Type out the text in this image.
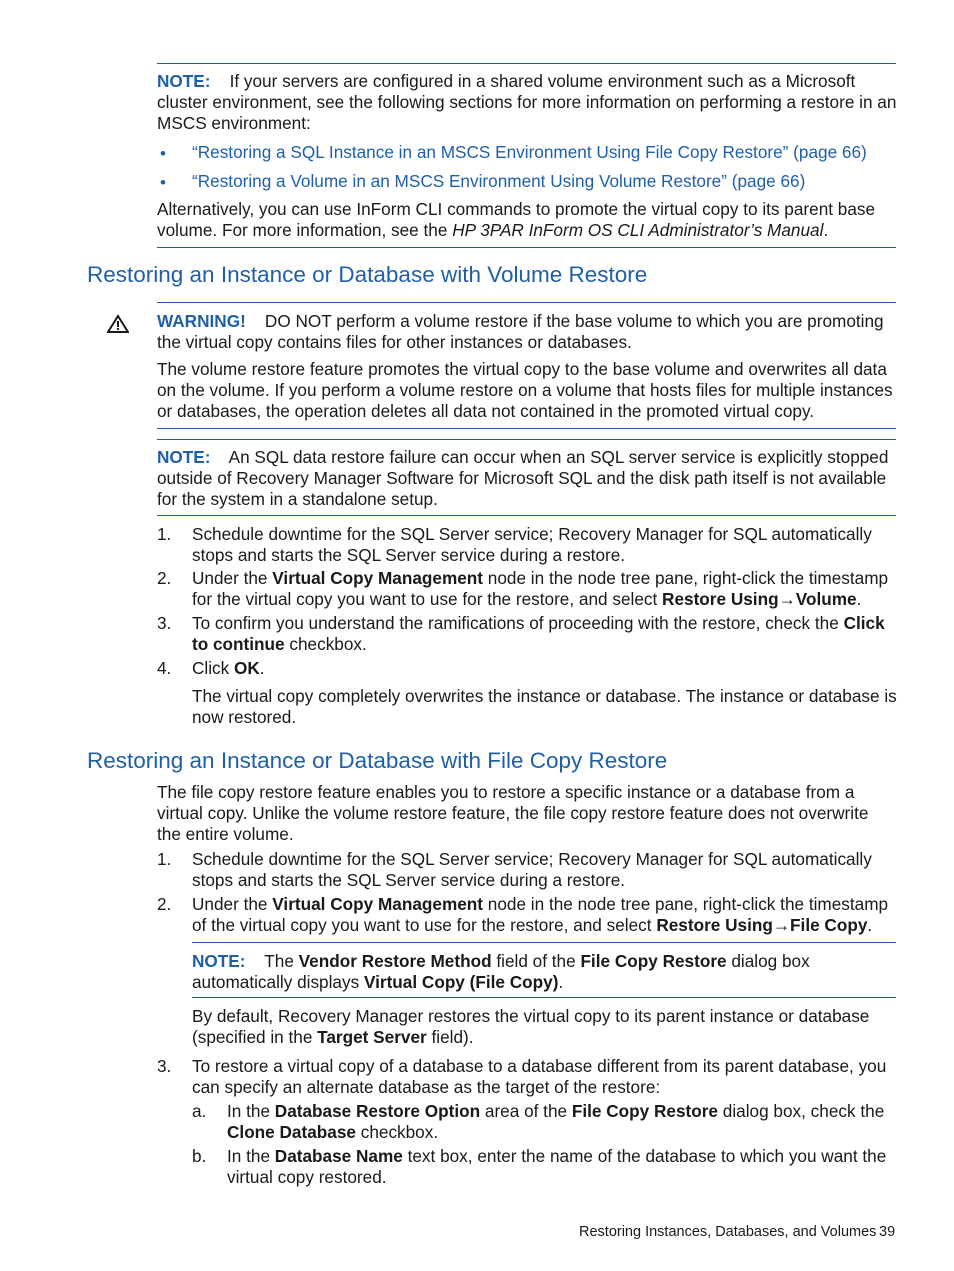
NOTE: If your servers are configured in a shared volume environment such as a Microsoft cluster environment, see the following sections for more information on performing a restore in an MSCS environment:

• “Restoring a SQL Instance in an MSCS Environment Using File Copy Restore” (page 66)

• “Restoring a Volume in an MSCS Environment Using Volume Restore” (page 66)

Alternatively, you can use InForm CLI commands to promote the virtual copy to its parent base volume. For more information, see the HP 3PAR InForm OS CLI Administrator’s Manual.

Restoring an Instance or Database with Volume Restore

WARNING! DO NOT perform a volume restore if the base volume to which you are promoting the virtual copy contains files for other instances or databases.

The volume restore feature promotes the virtual copy to the base volume and overwrites all data on the volume. If you perform a volume restore on a volume that hosts files for multiple instances or databases, the operation deletes all data not contained in the promoted virtual copy.

NOTE: An SQL data restore failure can occur when an SQL server service is explicitly stopped outside of Recovery Manager Software for Microsoft SQL and the disk path itself is not available for the system in a standalone setup.

1. Schedule downtime for the SQL Server service; Recovery Manager for SQL automatically stops and starts the SQL Server service during a restore.

2. Under the Virtual Copy Management node in the node tree pane, right-click the timestamp for the virtual copy you want to use for the restore, and select Restore Using→Volume.

3. To confirm you understand the ramifications of proceeding with the restore, check the Click to continue checkbox.

4. Click OK.

The virtual copy completely overwrites the instance or database. The instance or database is now restored.

Restoring an Instance or Database with File Copy Restore

The file copy restore feature enables you to restore a specific instance or a database from a virtual copy. Unlike the volume restore feature, the file copy restore feature does not overwrite the entire volume.

1. Schedule downtime for the SQL Server service; Recovery Manager for SQL automatically stops and starts the SQL Server service during a restore.

2. Under the Virtual Copy Management node in the node tree pane, right-click the timestamp of the virtual copy you want to use for the restore, and select Restore Using→File Copy.

NOTE: The Vendor Restore Method field of the File Copy Restore dialog box automatically displays Virtual Copy (File Copy).

By default, Recovery Manager restores the virtual copy to its parent instance or database (specified in the Target Server field).

3. To restore a virtual copy of a database to a database different from its parent database, you can specify an alternate database as the target of the restore:

a. In the Database Restore Option area of the File Copy Restore dialog box, check the Clone Database checkbox.

b. In the Database Name text box, enter the name of the database to which you want the virtual copy restored.

Restoring Instances, Databases, and Volumes 39
